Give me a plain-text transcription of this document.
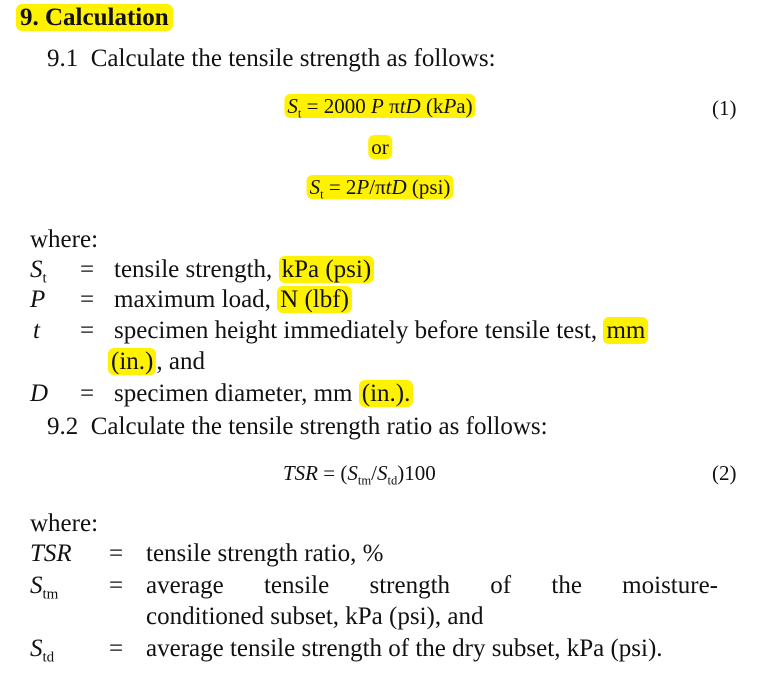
9. Calculation
9.1 Calculate the tensile strength as follows:
$S_t = 2000$ P πtD (kPa)	(1)
or
$S_t = 2P/\pi tD$ (psi)
where:
$S_t$ = tensile strength, kPa (psi)
P = maximum load, N (lbf)
t = specimen height immediately before tensile test, mm
(in.) , and
D = specimen diameter, mm (in.).
9.2 Calculate the tensile strength ratio as follows:
TSR = $(S_{tm}/S_{td})100$	(2)
where:
TSR = tensile strength ratio, %
$S_{tm}$ = average tensile strength of the moisture-
conditioned subset, kPa (psi), and
$S_{td}$ = average tensile strength of the dry subset, kPa (psi).
